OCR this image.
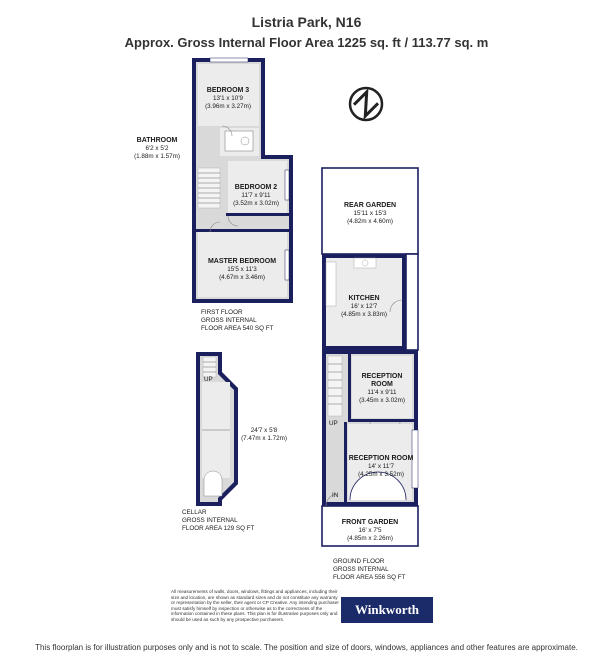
Listria Park, N16
Approx. Gross Internal Floor Area 1225 sq. ft / 113.77 sq. m
BEDROOM 3
13'1 x 10'9
(3.96m x 3.27m)
BATHROOM
6'2 x 5'2
(1.88m x 1.57m)
BEDROOM 2
11'7 x 9'11
(3.52m x 3.02m)
MASTER BEDROOM
15'5 x 11'3
(4.67m x 3.46m)
FIRST FLOOR
GROSS INTERNAL
FLOOR AREA 540 SQ FT
UP
24'7 x 5'8
(7.47m x 1.72m)
CELLAR
GROSS INTERNAL
FLOOR AREA 129 SQ FT
REAR GARDEN
15'11 x 15'3
(4.82m x 4.60m)
KITCHEN
16' x 12'7
(4.85m x 3.83m)
RECEPTION
ROOM
11'4 x 9'11
(3.45m x 3.02m)
RECEPTION ROOM
14' x 11'7
(4.25m x 3.52m)
FRONT GARDEN
16' x 7'5
(4.85m x 2.26m)
UP
IN
GROUND FLOOR
GROSS INTERNAL
FLOOR AREA 556 SQ FT
All measurements of walls, doors, windows, fittings and appliances, including their size and location, are shown as standard sizes and do not constitute any warranty or representation by the seller, their agent or CP Creative. Any intending purchaser must satisfy himself by inspection or otherwise as to the correctness of the information contained in these plans. This plan is for illustrative purposes only and should be used as such by any prospective purchasers.
Winkworth
This floorplan is for illustration purposes only and is not to scale. The position and size of doors, windows, appliances and other features are approximate.
